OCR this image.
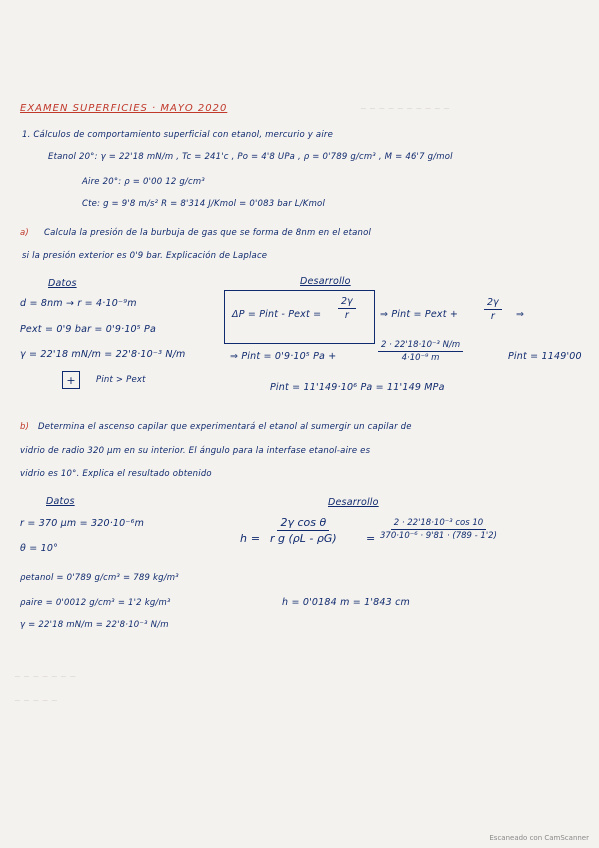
~ ~ ~ ~ ~ ~ ~ ~ ~ ~
~ ~ ~ ~ ~ ~ ~
~ ~ ~ ~ ~
EXAMEN SUPERFICIES · MAYO 2020
1. Cálculos de comportamiento superficial con etanol, mercurio y aire
Etanol 20°: γ = 22'18 mN/m , Tc = 241'c , Po = 4'8 UPa , ρ = 0'789 g/cm³ , M = 46'7 g/mol
Aire 20°: ρ = 0'00 12 g/cm³
Cte: g = 9'8 m/s² R = 8'314 J/Kmol = 0'083 bar L/Kmol
a) Calcula la presión de la burbuja de gas que se forma de 8nm en el etanol
si la presión exterior es 0'9 bar. Explicación de Laplace
Datos
d = 8nm → r = 4·10⁻⁹m
Pext = 0'9 bar = 0'9·10⁵ Pa
γ = 22'18 mN/m = 22'8·10⁻³ N/m
+	Pint > Pext
Desarrollo
ΔP = Pint - Pext = $\frac{2\gamma}{r}$	⇒ Pint = Pext +	$\frac{2\gamma}{r}$ ⇒
⇒ Pint = 0'9·10⁵ Pa +	$\frac{\text{2 · 22'18·10⁻³ N/m}}{\text{4·10⁻⁹ m}}$	Pint = 1149'00
Pint = 11'149·10⁶ Pa = 11'149 MPa
b) Determina el ascenso capilar que experimentará el etanol al sumergir un capilar de
vidrio de radio 320 μm en su interior. El ángulo para la interfase etanol-aire es
vidrio es 10°. Explica el resultado obtenido
Datos
r = 370 μm = 320·10⁻⁶m
θ = 10°
ρetanol = 0'789 g/cm³ = 789 kg/m³
ρaire = 0'0012 g/cm³ = 1'2 kg/m³
γ = 22'18 mN/m = 22'8·10⁻³ N/m
Desarrollo
$h = \frac{\text{2γ cos θ}}{\text{r g (ρL - ρG)}}$	= $\frac{\text{2 · 22'18·10⁻³ cos 10}}{\text{370·10⁻⁶ · 9'81 · (789 - 1'2)}}$
h = 0'0184 m = 1'843 cm
Escaneado con CamScanner
